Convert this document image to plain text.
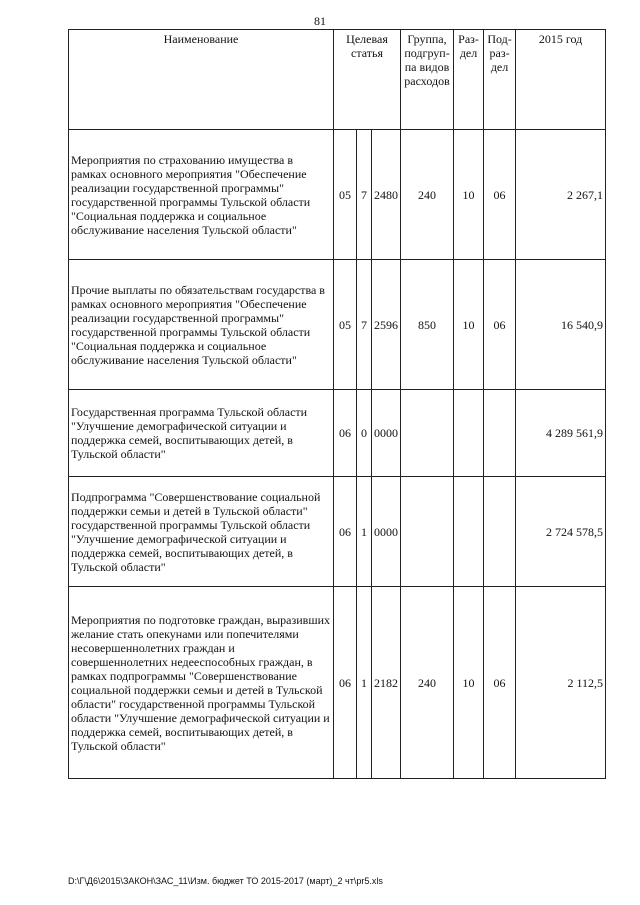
81
Наименование	Целевая статья			Группа, подгруп-па видов расходов	Раз-дел	Под-раз-дел	2015 год
Мероприятия по страхованию имущества в рамках основного мероприятия "Обеспечение реализации государственной программы" государственной программы Тульской области "Социальная поддержка и социальное обслуживание населения Тульской области"	05	7	2480	240	10	06	2 267,1
Прочие выплаты по обязательствам государства в рамках основного мероприятия "Обеспечение реализации государственной программы" государственной программы Тульской области "Социальная поддержка и социальное обслуживание населения Тульской области"	05	7	2596	850	10	06	16 540,9
Государственная программа Тульской области "Улучшение демографической ситуации и поддержка семей, воспитывающих детей, в Тульской области"	06	0	0000				4 289 561,9
Подпрограмма "Совершенствование социальной поддержки семьи и детей в Тульской области" государственной программы Тульской области "Улучшение демографической ситуации и поддержка семей, воспитывающих детей, в Тульской области"	06	1	0000				2 724 578,5
Мероприятия по подготовке граждан, выразивших желание стать опекунами или попечителями несовершеннолетних граждан и совершеннолетних недееспособных граждан, в рамках подпрограммы "Совершенствование социальной поддержки семьи и детей в Тульской области" государственной программы Тульской области "Улучшение демографической ситуации и поддержка семей, воспитывающих детей, в Тульской области"	06	1	2182	240	10	06	2 112,5
D:\Г\Д6\2015\ЗАКОН\ЗАС_11\Изм. бюджет ТО 2015-2017 (март)_2 чт\pr5.xls
